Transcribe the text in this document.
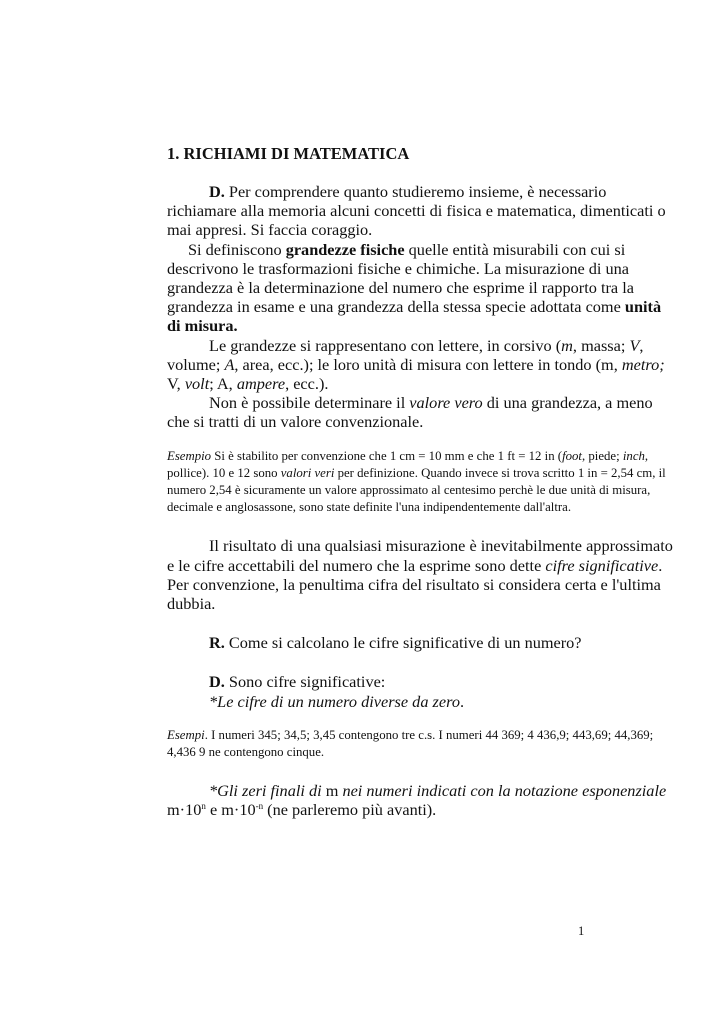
1. RICHIAMI DI MATEMATICA

D. Per comprendere quanto studieremo insieme, è necessario richiamare alla memoria alcuni concetti di fisica e matematica, dimenticati o mai appresi. Si faccia coraggio.

Si definiscono grandezze fisiche quelle entità misurabili con cui si descrivono le trasformazioni fisiche e chimiche. La misurazione di una grandezza è la determinazione del numero che esprime il rapporto tra la grandezza in esame e una grandezza della stessa specie adottata come unità di misura.

Le grandezze si rappresentano con lettere, in corsivo (m, massa; V, volume; A, area, ecc.); le loro unità di misura con lettere in tondo (m, metro; V, volt; A, ampere, ecc.).

Non è possibile determinare il valore vero di una grandezza, a meno che si tratti di un valore convenzionale.

Esempio Si è stabilito per convenzione che 1 cm = 10 mm e che 1 ft = 12 in (foot, piede; inch, pollice). 10 e 12 sono valori veri per definizione. Quando invece si trova scritto 1 in = 2,54 cm, il numero 2,54 è sicuramente un valore approssimato al centesimo perchè le due unità di misura, decimale e anglosassone, sono state definite l'una indipendentemente dall'altra.

Il risultato di una qualsiasi misurazione è inevitabilmente approssimato e le cifre accettabili del numero che la esprime sono dette cifre significative. Per convenzione, la penultima cifra del risultato si considera certa e l'ultima dubbia.

R. Come si calcolano le cifre significative di un numero?

D. Sono cifre significative:
*Le cifre di un numero diverse da zero.

Esempi. I numeri 345; 34,5; 3,45 contengono tre c.s. I numeri 44 369; 4 436,9; 443,69; 44,369; 4,436 9 ne contengono cinque.

*Gli zeri finali di m nei numeri indicati con la notazione esponenziale $m\cdot 10^n$ e $m\cdot 10^{-n}$ (ne parleremo più avanti).

1
